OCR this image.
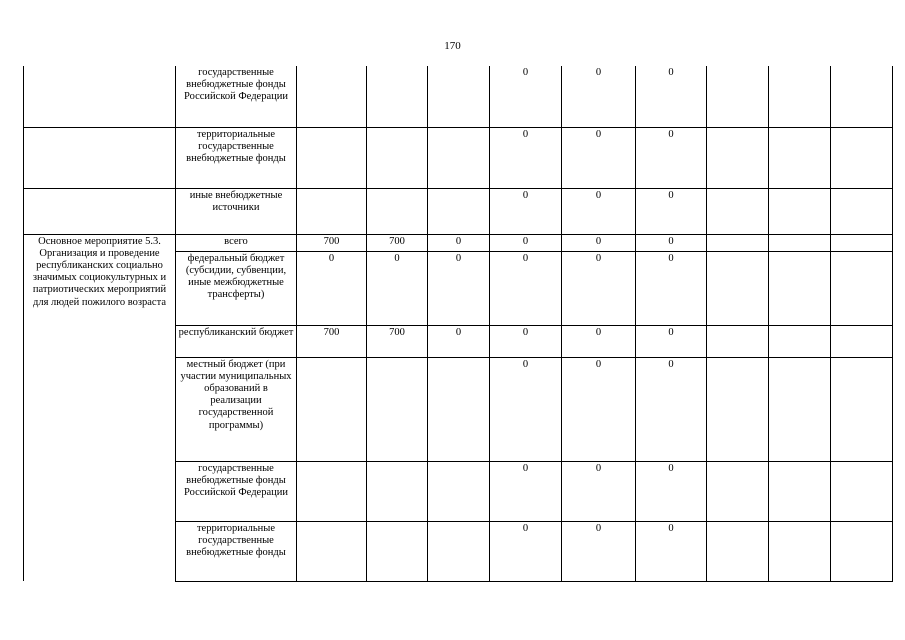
170
	государственные внебюджетные фонды Российской Федерации				0	0	0			
	территориальные государственные внебюджетные фонды				0	0	0			
	иные внебюджетные источники				0	0	0			
Основное мероприятие 5.3. Организация и проведение республиканских социально значимых социокультурных и патриотических мероприятий для людей пожилого возраста	всего	700	700	0	0	0	0			
	федеральный бюджет (субсидии, субвенции, иные межбюджетные трансферты)	0	0	0	0	0	0			
	республиканский бюджет	700	700	0	0	0	0			
	местный бюджет (при участии муниципальных образований в реализации государственной программы)				0	0	0			
	государственные внебюджетные фонды Российской Федерации				0	0	0			
	территориальные государственные внебюджетные фонды				0	0	0			
